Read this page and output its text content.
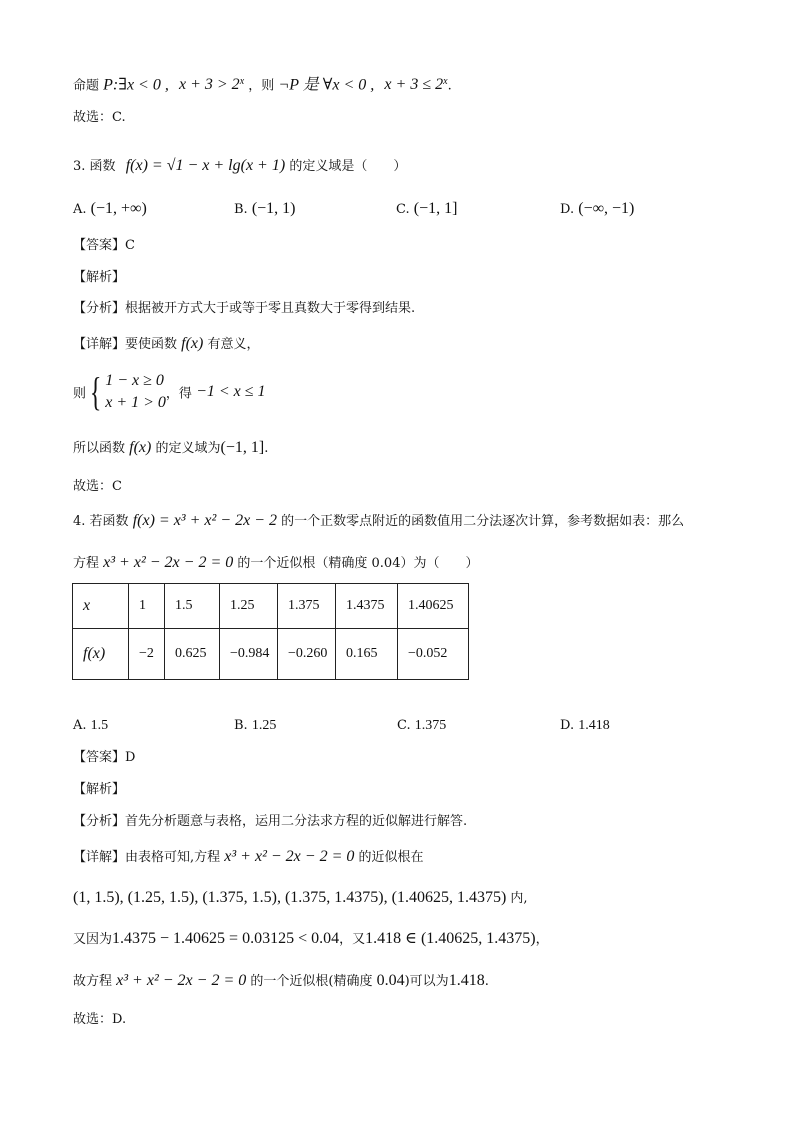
命题 P:∃x < 0 , $x + 3 > 2^x$ ，则 ¬P 是 ∀x < 0 , $x + 3 \le 2^x$.
故选：C.
3. 函数 f(x) = √1 − x + lg(x + 1) 的定义域是（　　）
A. (−1, +∞)	B. (−1, 1)	C. (−1, 1]	D. (−∞, −1)
【答案】C
【解析】
【分析】根据被开方式大于或等于零且真数大于零得到结果.
【详解】要使函数 f(x) 有意义，
则{ 1 − x ≥ 0
x + 1 > 0 ，得 −1 < x ≤ 1
所以函数 f(x) 的定义域为(−1, 1].
故选：C
4. 若函数 f(x) = x³ + x² − 2x − 2 的一个正数零点附近的函数值用二分法逐次计算，参考数据如表：那么
方程 x³ + x² − 2x − 2 = 0 的一个近似根（精确度 0.04）为（　　）
x	1	1.5	1.25	1.375	1.4375	1.40625
f(x)	−2	0.625	−0.984	−0.260	0.165	−0.052
A. 1.5	B. 1.25	C. 1.375	D. 1.418
【答案】D
【解析】
【分析】首先分析题意与表格，运用二分法求方程的近似解进行解答.
【详解】由表格可知,方程 x³ + x² − 2x − 2 = 0 的近似根在
(1, 1.5), (1.25, 1.5), (1.375, 1.5), (1.375, 1.4375), (1.40625, 1.4375) 内,
又因为1.4375 − 1.40625 = 0.03125 < 0.04，又1.418 ∈ (1.40625, 1.4375)，
故方程 x³ + x² − 2x − 2 = 0 的一个近似根(精确度 0.04)可以为1.418.
故选：D.
